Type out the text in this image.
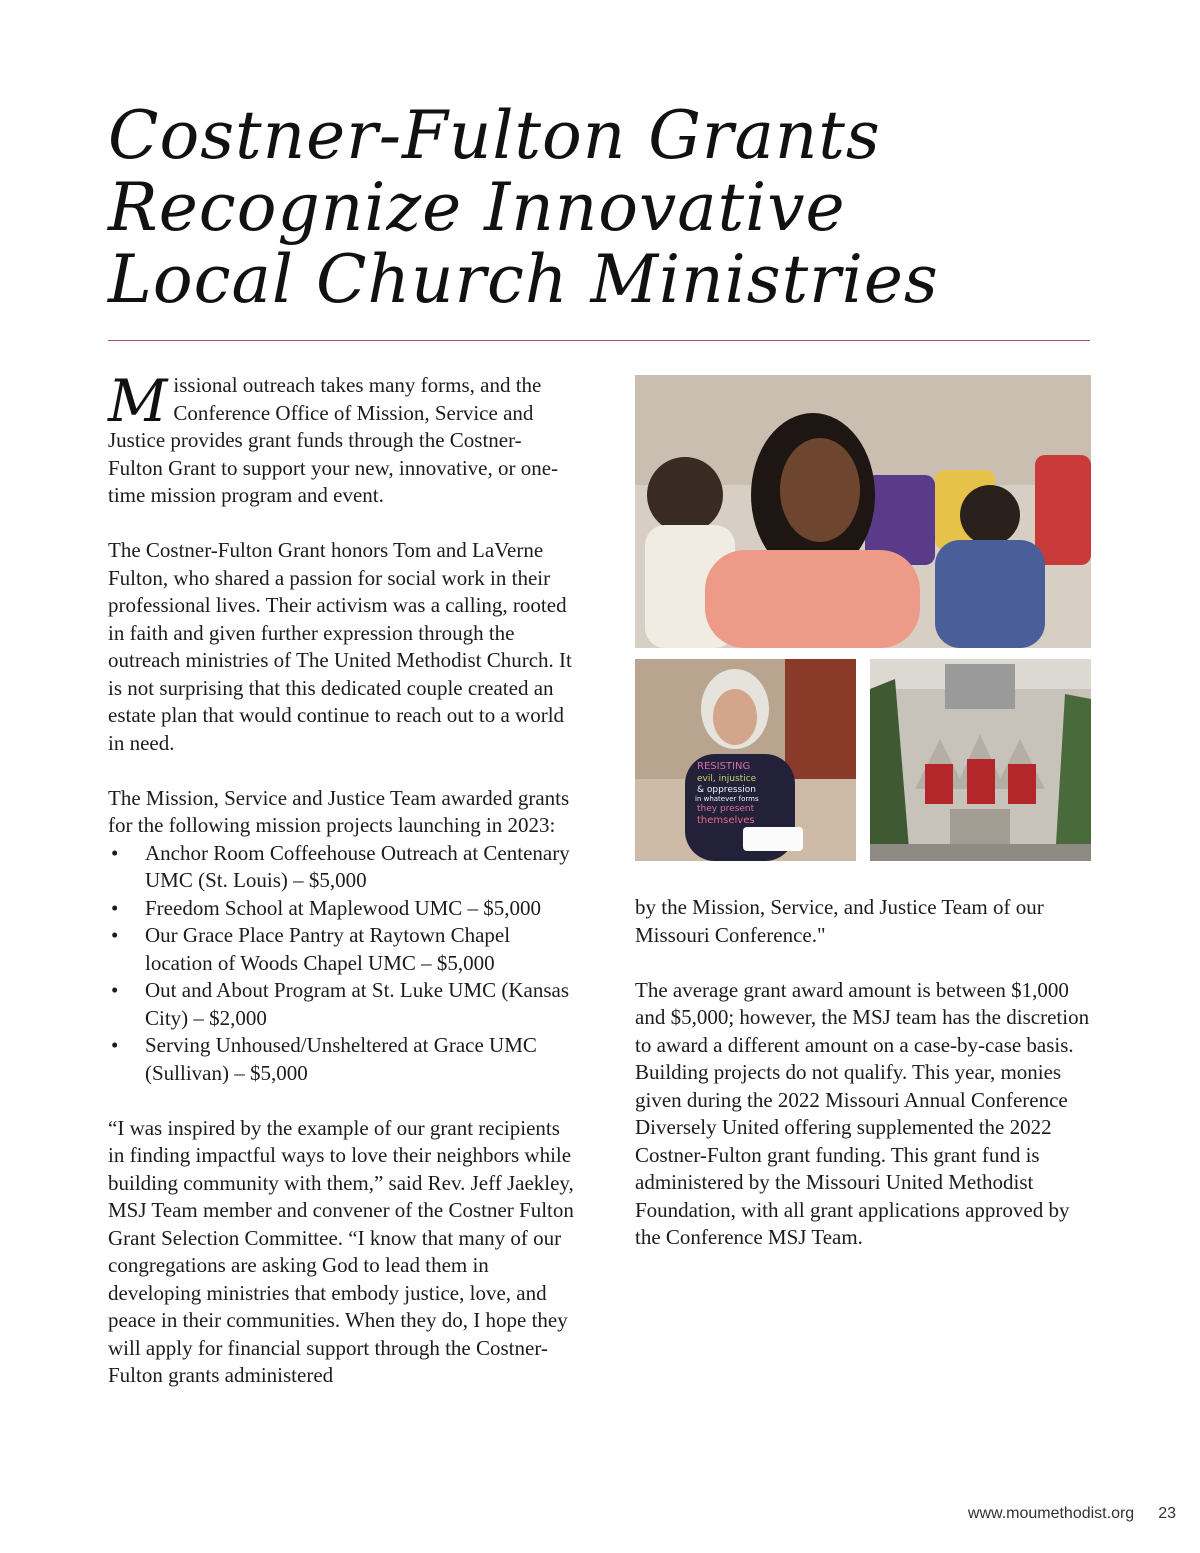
Costner-Fulton Grants
Recognize Innovative
Local Church Ministries

Missional outreach takes many forms, and the Conference Office of Mission, Service and Justice provides grant funds through the Costner-Fulton Grant to support your new, innovative, or one-time mission program and event.

The Costner-Fulton Grant honors Tom and LaVerne Fulton, who shared a passion for social work in their professional lives. Their activism was a calling, rooted in faith and given further expression through the outreach ministries of The United Methodist Church. It is not surprising that this dedicated couple created an estate plan that would continue to reach out to a world in need.

The Mission, Service and Justice Team awarded grants for the following mission projects launching in 2023:

• Anchor Room Coffeehouse Outreach at Centenary UMC (St. Louis) – $5,000
• Freedom School at Maplewood UMC – $5,000
• Our Grace Place Pantry at Raytown Chapel location of Woods Chapel UMC – $5,000
• Out and About Program at St. Luke UMC (Kansas City) – $2,000
• Serving Unhoused/Unsheltered at Grace UMC (Sullivan) – $5,000

“I was inspired by the example of our grant recipients in finding impactful ways to love their neighbors while building community with them,” said Rev. Jeff Jaekley, MSJ Team member and convener of the Costner Fulton Grant Selection Committee. “I know that many of our congregations are asking God to lead them in developing ministries that embody justice, love, and peace in their communities. When they do, I hope they will apply for financial support through the Costner-Fulton grants administered

RESISTING
evil, injustice
& oppression
in whatever forms
they present
themselves

by the Mission, Service, and Justice Team of our Missouri Conference."

The average grant award amount is between $1,000 and $5,000; however, the MSJ team has the discretion to award a different amount on a case-by-case basis. Building projects do not qualify. This year, monies given during the 2022 Missouri Annual Conference Diversely United offering supplemented the 2022 Costner-Fulton grant funding. This grant fund is administered by the Missouri United Methodist Foundation, with all grant applications approved by the Conference MSJ Team.

www.moumethodist.org 23
